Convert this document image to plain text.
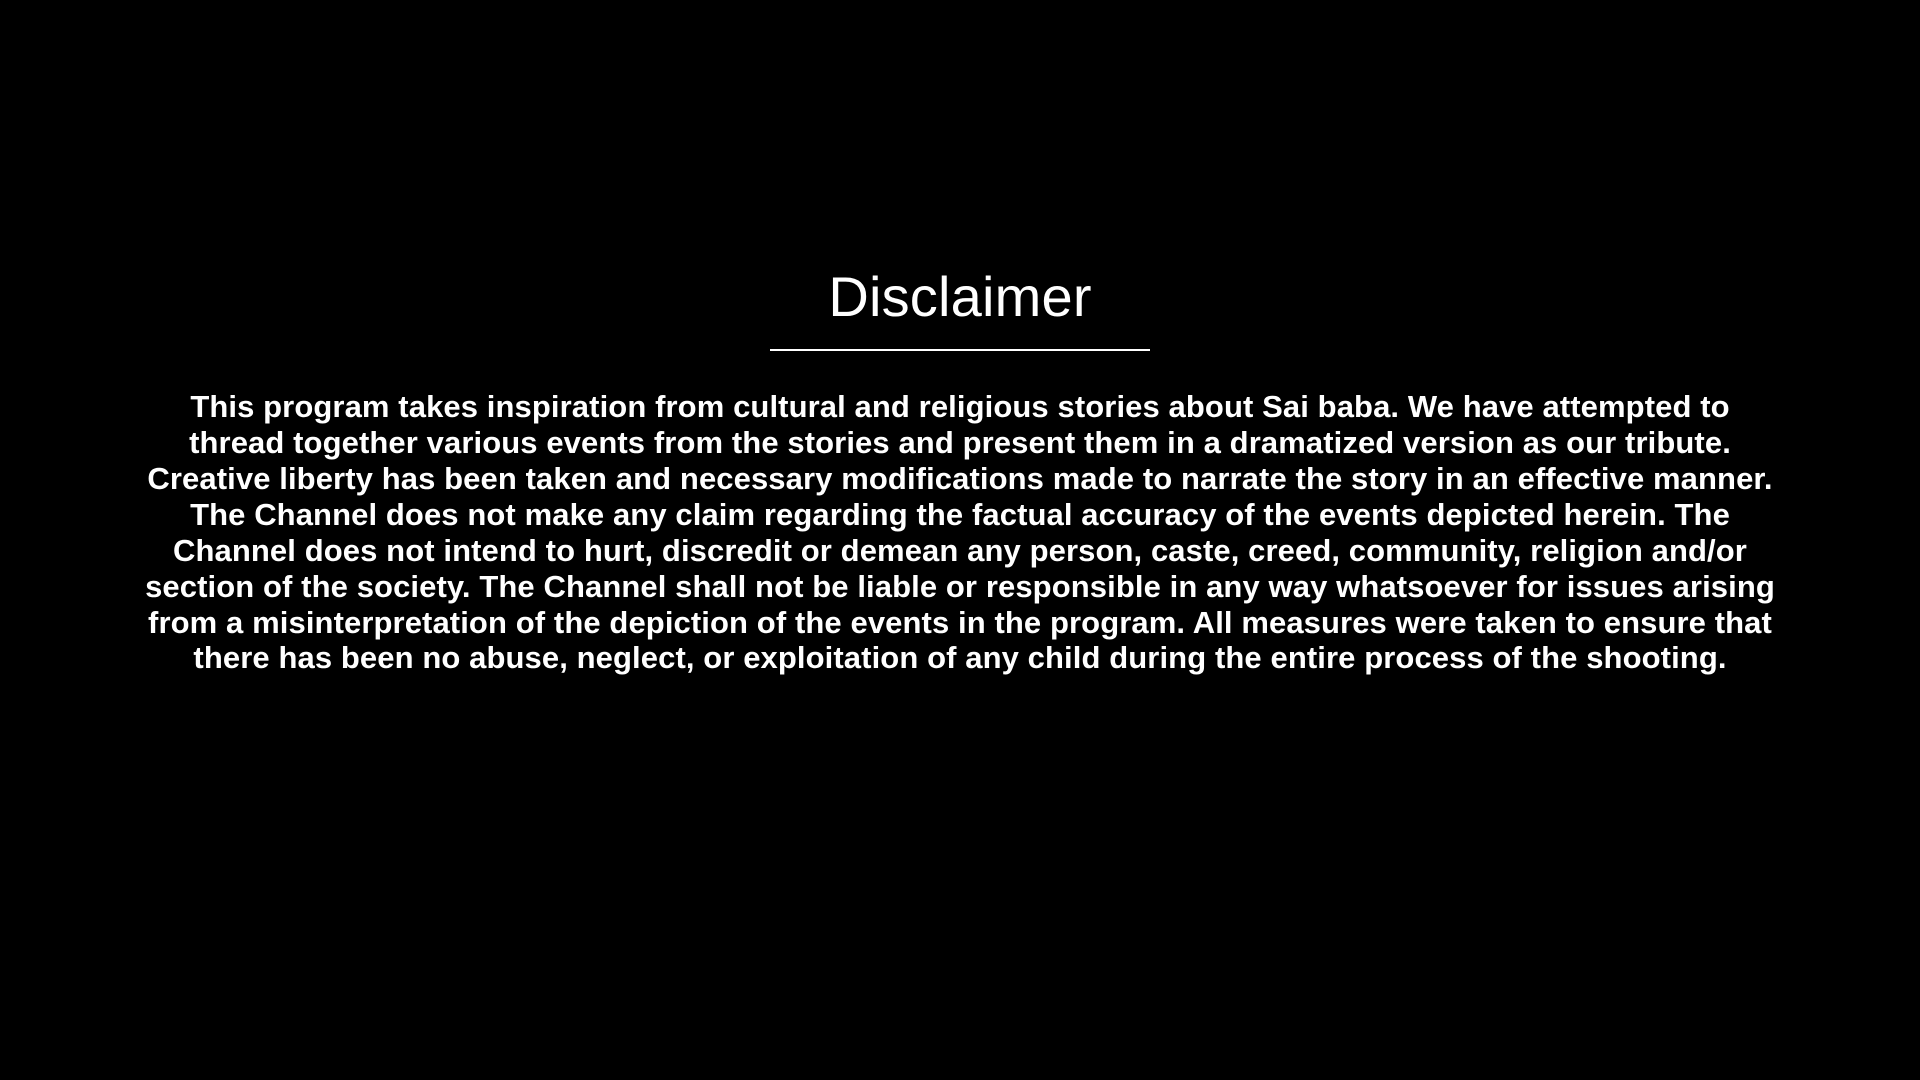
Disclaimer

This program takes inspiration from cultural and religious stories about Sai baba. We have attempted to thread together various events from the stories and present them in a dramatized version as our tribute. Creative liberty has been taken and necessary modifications made to narrate the story in an effective manner. The Channel does not make any claim regarding the factual accuracy of the events depicted herein. The Channel does not intend to hurt, discredit or demean any person, caste, creed, community, religion and/or section of the society. The Channel shall not be liable or responsible in any way whatsoever for issues arising from a misinterpretation of the depiction of the events in the program. All measures were taken to ensure that there has been no abuse, neglect, or exploitation of any child during the entire process of the shooting.
